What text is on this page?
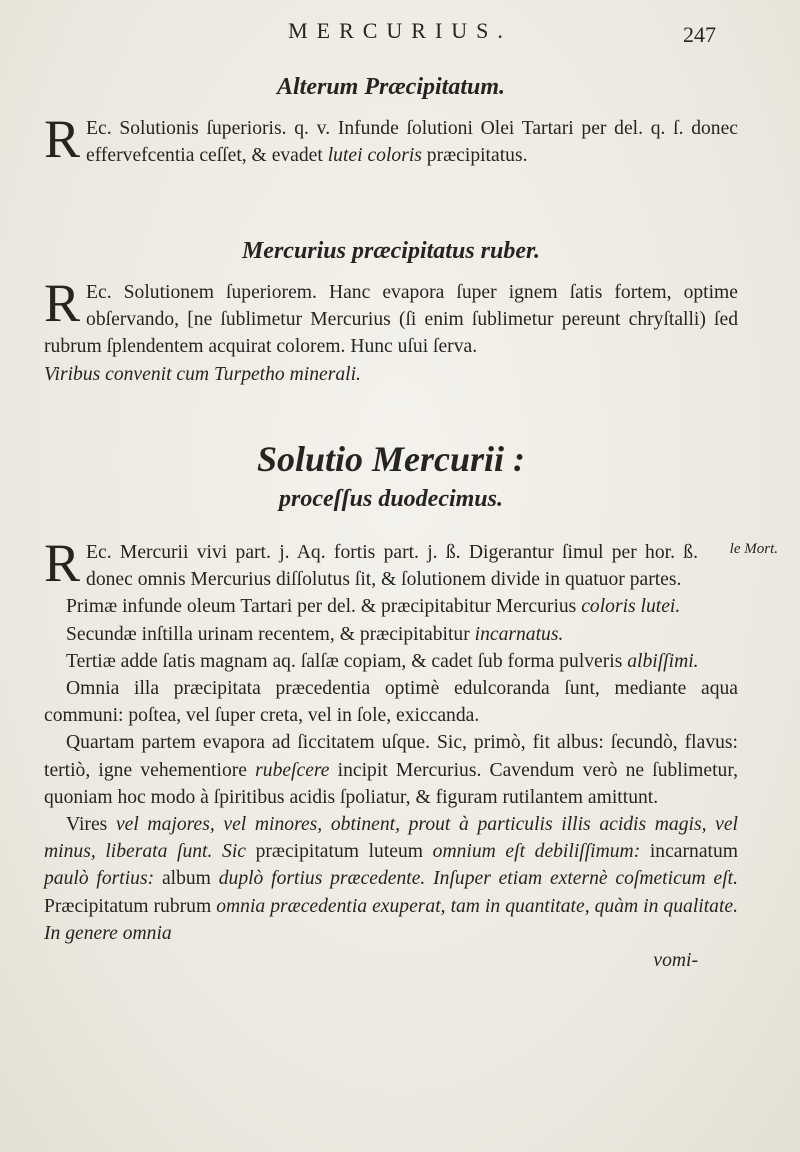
MERCURIUS.	247
Alterum Præcipitatum.

R Ec. Solutionis ſuperioris. q. v. Infunde ſolutioni Olei Tartari per del. q. ſ. donec effervefcentia ceſſet, & evadet lutei coloris præcipitatus.

Mercurius præcipitatus ruber.

R Ec. Solutionem ſuperiorem. Hanc evapora ſuper ignem ſatis fortem, optime obſervando, [ne ſublimetur Mercurius (ſi enim ſublimetur pereunt chryſtalli) ſed rubrum ſplendentem acquirat colorem. Hunc uſui ſerva.

Viribus convenit cum Turpetho minerali.

Solutio Mercurii :
proceſſus duodecimus.
le Mort.

R Ec. Mercurii vivi part. j. Aq. fortis part. j. ß. Digerantur ſimul per hor. ß. donec omnis Mercurius diſſolutus ſit, & ſolutionem divide in quatuor partes.

Primæ infunde oleum Tartari per del. & præcipitabitur Mercurius coloris lutei.

Secundæ inſtilla urinam recentem, & præcipitabitur incarnatus.

Tertiæ adde ſatis magnam aq. ſalſæ copiam, & cadet ſub forma pulveris albiſſimi.

Omnia illa præcipitata præcedentia optimè edulcoranda ſunt, mediante aqua communi: poſtea, vel ſuper creta, vel in ſole, exiccanda.

Quartam partem evapora ad ſiccitatem uſque. Sic, primò, fit albus: ſecundò, flavus: tertiò, igne vehementiore rubeſcere incipit Mercurius. Cavendum verò ne ſublimetur, quoniam hoc modo à ſpiritibus acidis ſpoliatur, & figuram rutilantem amittunt.

Vires vel majores, vel minores, obtinent, prout à particulis illis acidis magis, vel minus, liberata ſunt. Sic præcipitatum luteum omnium eſt debiliſſimum: incarnatum paulò fortius: album duplò fortius præcedente. Inſuper etiam externè coſmeticum eſt. Præcipitatum rubrum omnia præcedentia exuperat, tam in quantitate, quàm in qualitate. In genere omnia

vomi-
